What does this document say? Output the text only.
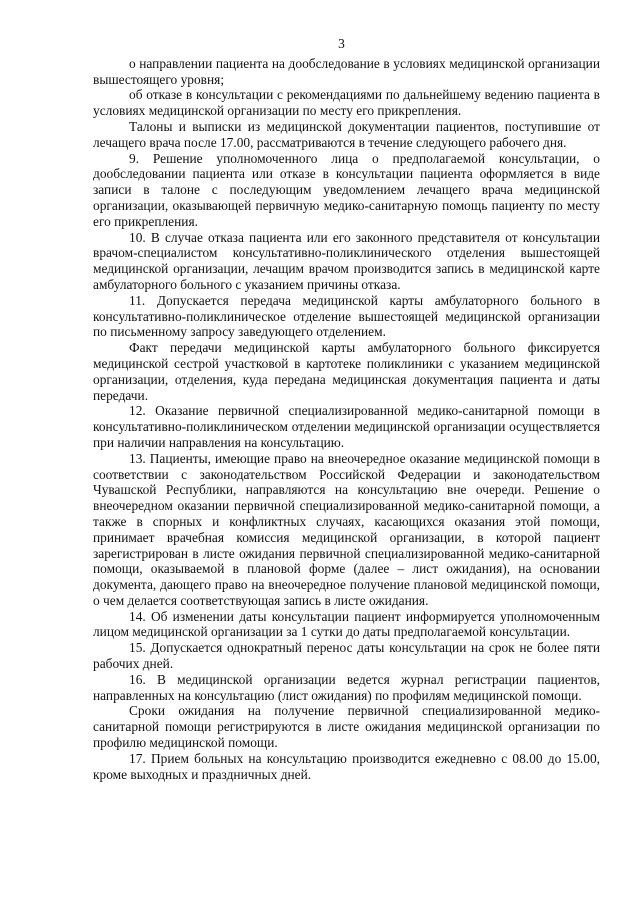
3

о направлении пациента на дообследование в условиях медицинской организации вышестоящего уровня;

об отказе в консультации с рекомендациями по дальнейшему ведению пациента в условиях медицинской организации по месту его прикрепления.

Талоны и выписки из медицинской документации пациентов, поступившие от лечащего врача после 17.00, рассматриваются в течение следующего рабочего дня.

9. Решение уполномоченного лица о предполагаемой консультации, о дообследовании пациента или отказе в консультации пациента оформляется в виде записи в талоне с последующим уведомлением лечащего врача медицинской организации, оказывающей первичную медико-санитарную помощь пациенту по месту его прикрепления.

10. В случае отказа пациента или его законного представителя от консультации врачом-специалистом консультативно-поликлинического отделения вышестоящей медицинской организации, лечащим врачом производится запись в медицинской карте амбулаторного больного с указанием причины отказа.

11. Допускается передача медицинской карты амбулаторного больного в консультативно-поликлиническое отделение вышестоящей медицинской организации по письменному запросу заведующего отделением.

Факт передачи медицинской карты амбулаторного больного фиксируется медицинской сестрой участковой в картотеке поликлиники с указанием медицинской организации, отделения, куда передана медицинская документация пациента и даты передачи.

12. Оказание первичной специализированной медико-санитарной помощи в консультативно-поликлиническом отделении медицинской организации осуществляется при наличии направления на консультацию.

13. Пациенты, имеющие право на внеочередное оказание медицинской помощи в соответствии с законодательством Российской Федерации и законодательством Чувашской Республики, направляются на консультацию вне очереди. Решение о внеочередном оказании первичной специализированной медико-санитарной помощи, а также в спорных и конфликтных случаях, касающихся оказания этой помощи, принимает врачебная комиссия медицинской организации, в которой пациент зарегистрирован в листе ожидания первичной специализированной медико-санитарной помощи, оказываемой в плановой форме (далее – лист ожидания), на основании документа, дающего право на внеочередное получение плановой медицинской помощи, о чем делается соответствующая запись в листе ожидания.

14. Об изменении даты консультации пациент информируется уполномоченным лицом медицинской организации за 1 сутки до даты предполагаемой консультации.

15. Допускается однократный перенос даты консультации на срок не более пяти рабочих дней.

16. В медицинской организации ведется журнал регистрации пациентов, направленных на консультацию (лист ожидания) по профилям медицинской помощи.

Сроки ожидания на получение первичной специализированной медико-санитарной помощи регистрируются в листе ожидания медицинской организации по профилю медицинской помощи.

17. Прием больных на консультацию производится ежедневно с 08.00 до 15.00, кроме выходных и праздничных дней.
